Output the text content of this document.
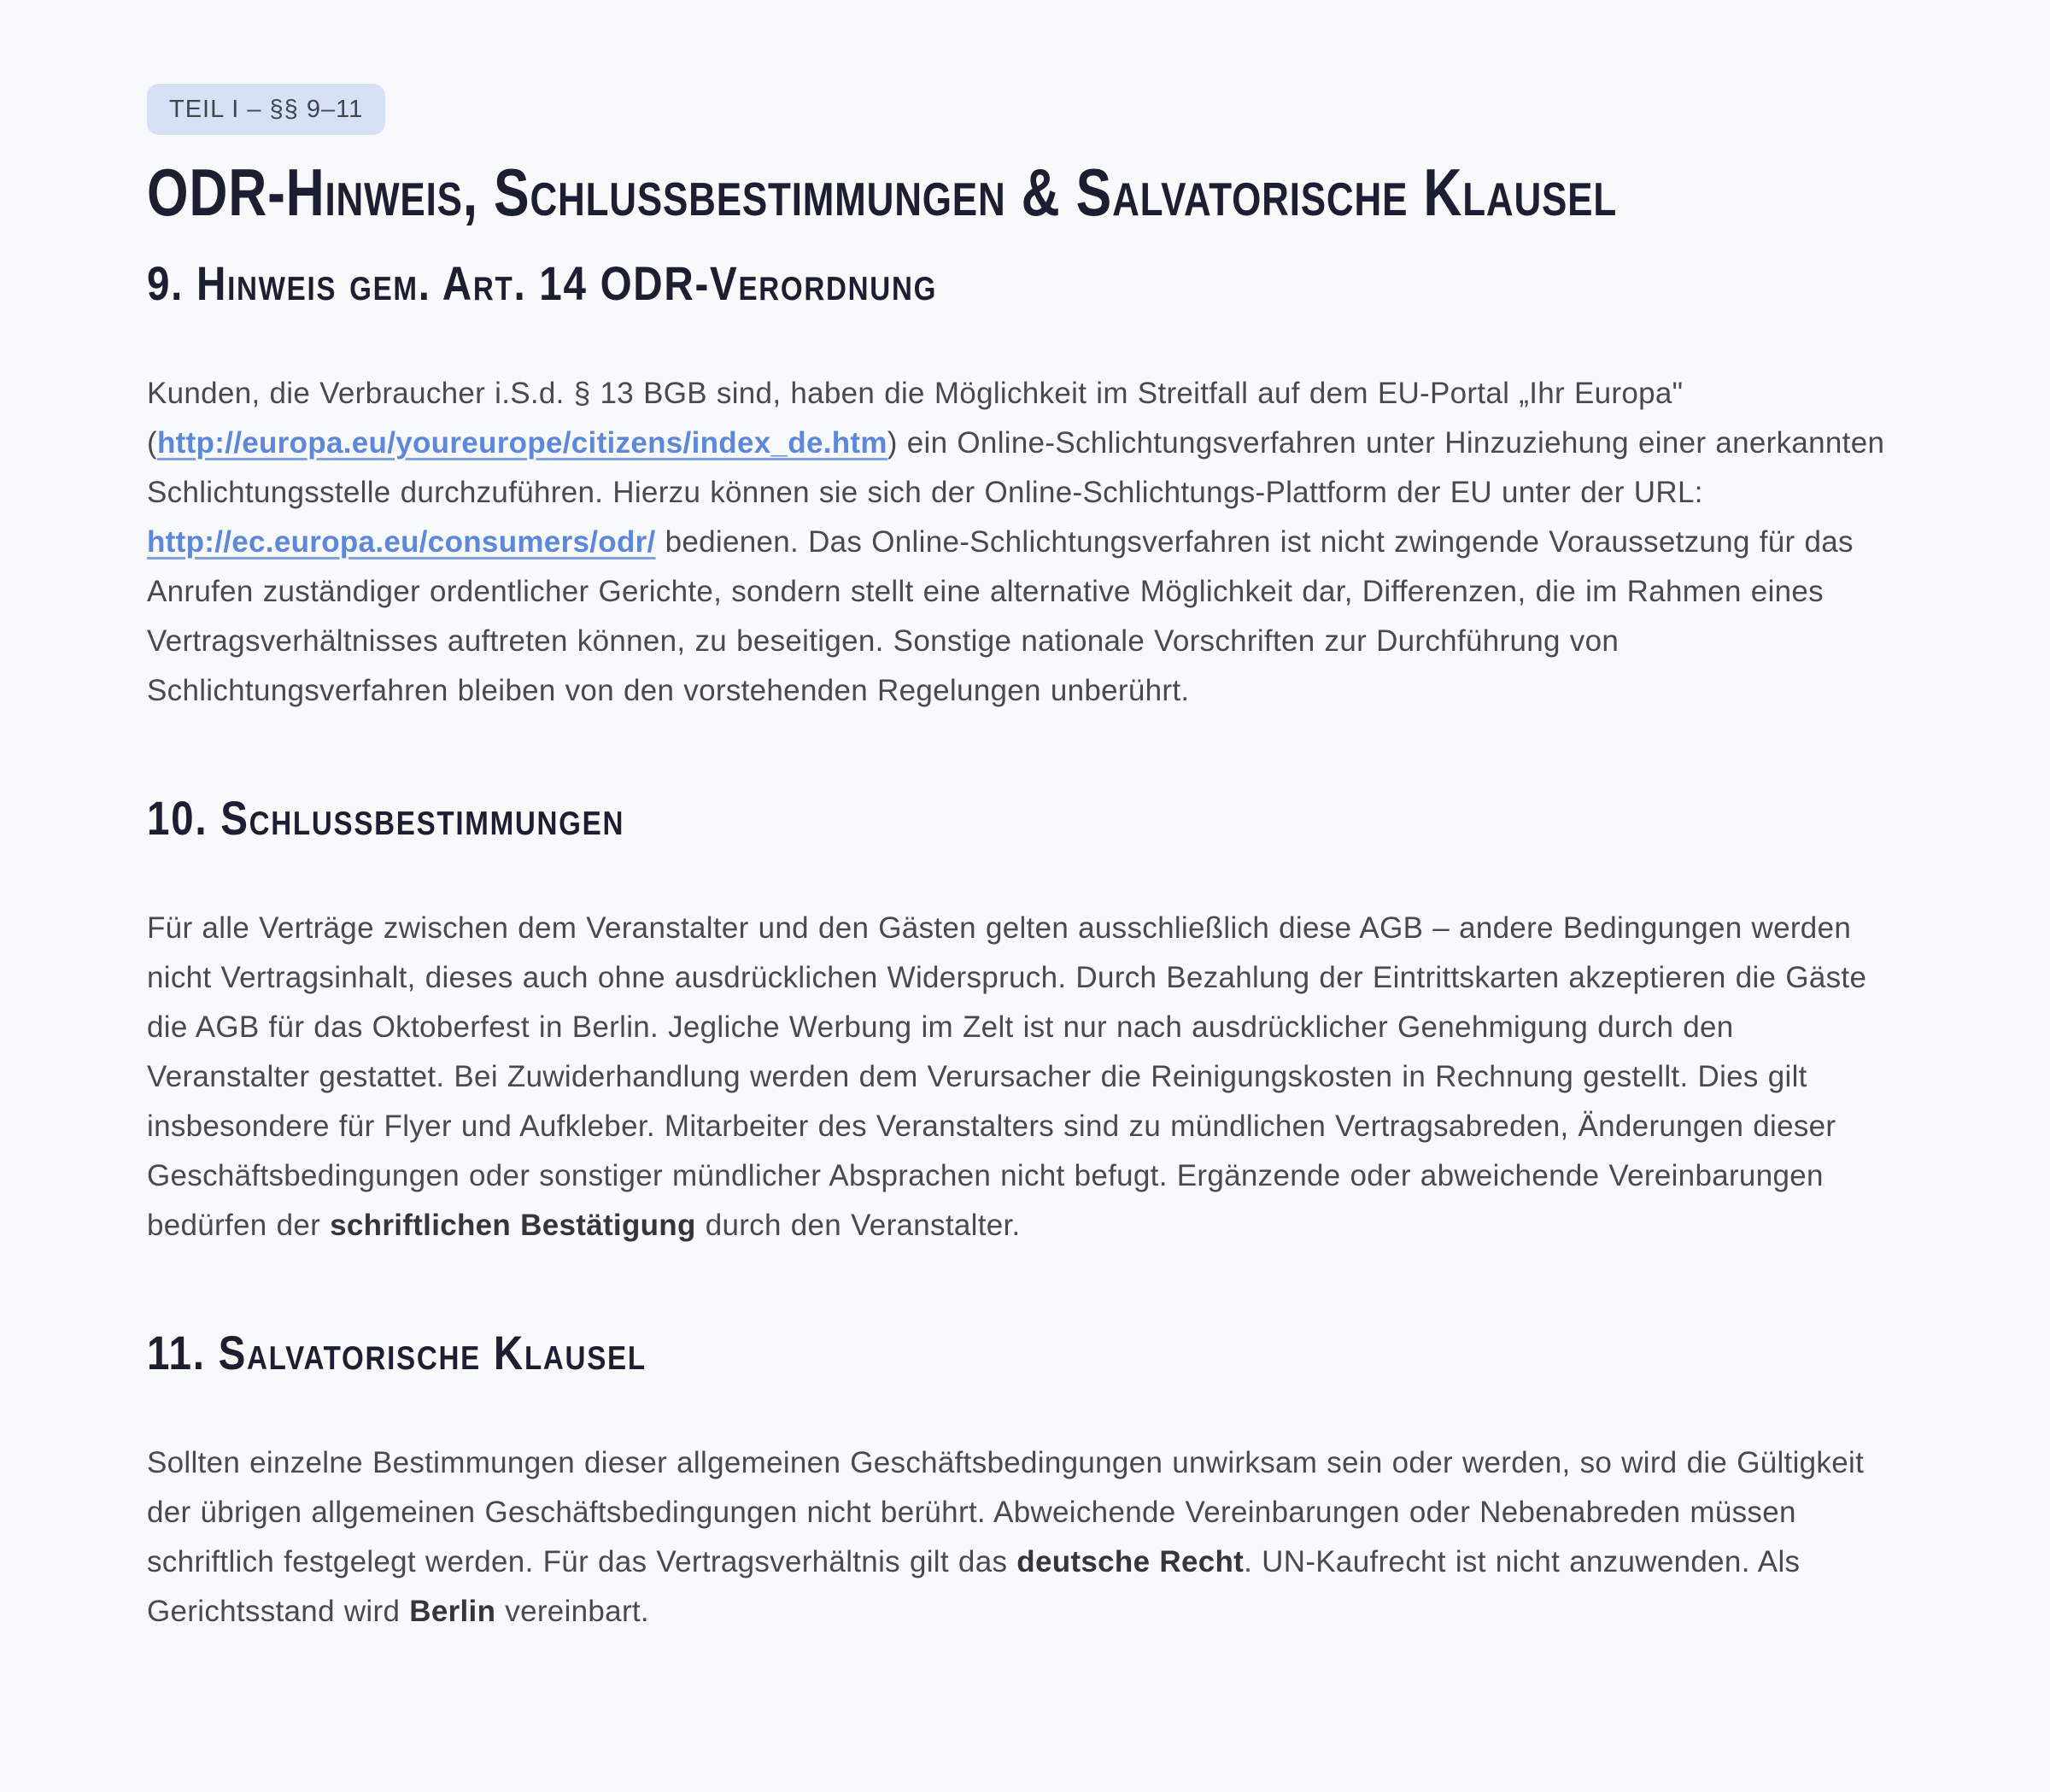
TEIL I – §§ 9–11
ODR-Hinweis, Schlussbestimmungen & Salvatorische Klausel
9. Hinweis gem. Art. 14 ODR-Verordnung

Kunden, die Verbraucher i.S.d. § 13 BGB sind, haben die Möglichkeit im Streitfall auf dem EU-Portal „Ihr Europa" (http://europa.eu/youreurope/citizens/index_de.htm) ein Online-Schlichtungsverfahren unter Hinzuziehung einer anerkannten Schlichtungsstelle durchzuführen. Hierzu können sie sich der Online-Schlichtungs-Plattform der EU unter der URL: http://ec.europa.eu/consumers/odr/ bedienen. Das Online-Schlichtungsverfahren ist nicht zwingende Voraussetzung für das Anrufen zuständiger ordentlicher Gerichte, sondern stellt eine alternative Möglichkeit dar, Differenzen, die im Rahmen eines Vertragsverhältnisses auftreten können, zu beseitigen. Sonstige nationale Vorschriften zur Durchführung von Schlichtungsverfahren bleiben von den vorstehenden Regelungen unberührt.

10. Schlussbestimmungen

Für alle Verträge zwischen dem Veranstalter und den Gästen gelten ausschließlich diese AGB – andere Bedingungen werden nicht Vertragsinhalt, dieses auch ohne ausdrücklichen Widerspruch. Durch Bezahlung der Eintrittskarten akzeptieren die Gäste die AGB für das Oktoberfest in Berlin. Jegliche Werbung im Zelt ist nur nach ausdrücklicher Genehmigung durch den Veranstalter gestattet. Bei Zuwiderhandlung werden dem Verursacher die Reinigungskosten in Rechnung gestellt. Dies gilt insbesondere für Flyer und Aufkleber. Mitarbeiter des Veranstalters sind zu mündlichen Vertragsabreden, Änderungen dieser Geschäftsbedingungen oder sonstiger mündlicher Absprachen nicht befugt. Ergänzende oder abweichende Vereinbarungen bedürfen der schriftlichen Bestätigung durch den Veranstalter.

11. Salvatorische Klausel

Sollten einzelne Bestimmungen dieser allgemeinen Geschäftsbedingungen unwirksam sein oder werden, so wird die Gültigkeit der übrigen allgemeinen Geschäftsbedingungen nicht berührt. Abweichende Vereinbarungen oder Nebenabreden müssen schriftlich festgelegt werden. Für das Vertragsverhältnis gilt das deutsche Recht. UN-Kaufrecht ist nicht anzuwenden. Als Gerichtsstand wird Berlin vereinbart.
